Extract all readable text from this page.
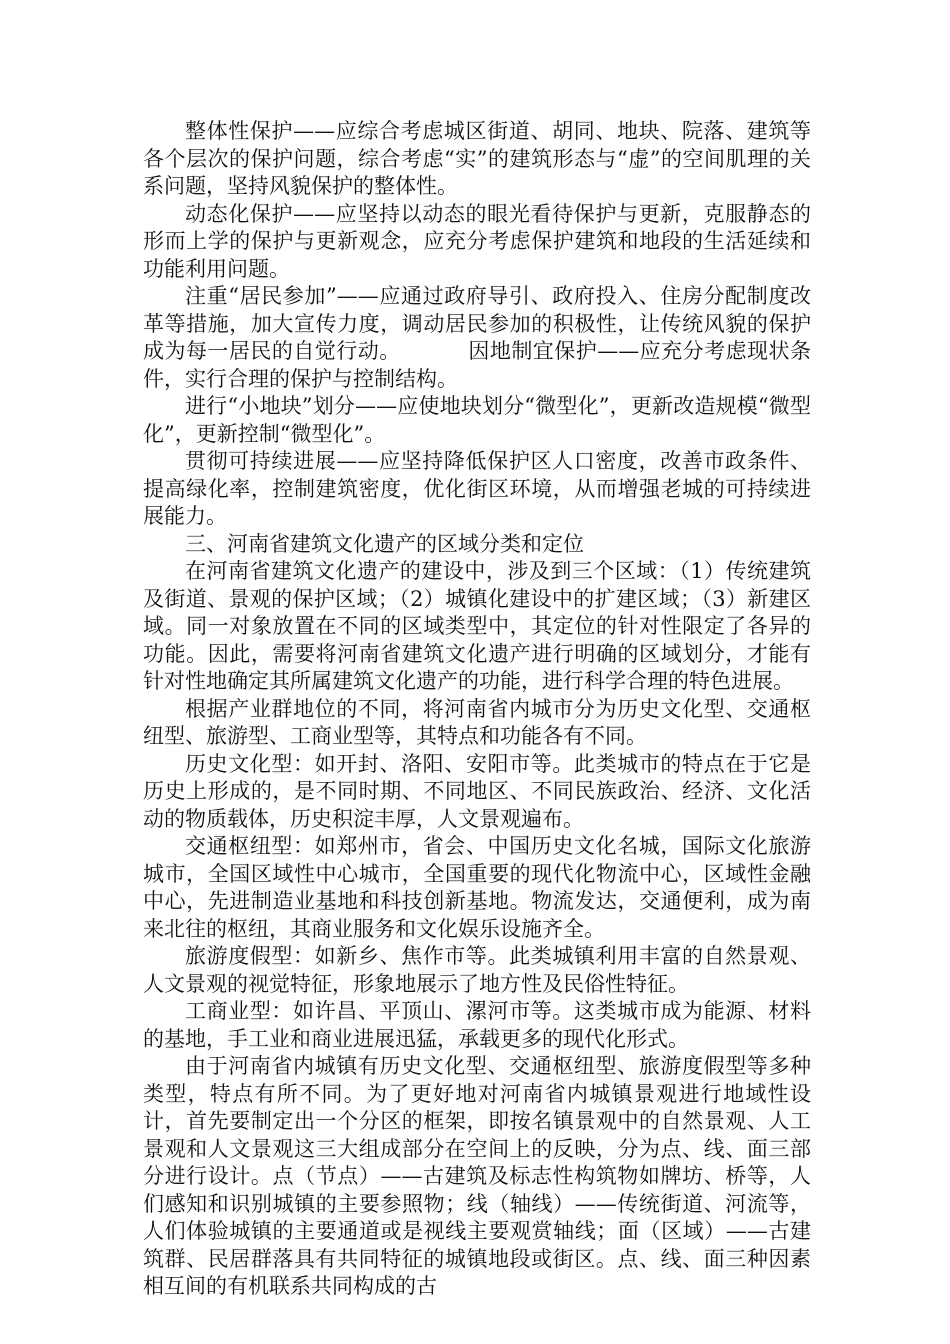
整体性保护——应综合考虑城区街道、胡同、地块、院落、建筑等各个层次的保护问题，综合考虑“实”的建筑形态与“虚”的空间肌理的关系问题，坚持风貌保护的整体性。

动态化保护——应坚持以动态的眼光看待保护与更新，克服静态的形而上学的保护与更新观念，应充分考虑保护建筑和地段的生活延续和功能利用问题。

注重“居民参加”——应通过政府导引、政府投入、住房分配制度改革等措施，加大宣传力度，调动居民参加的积极性，让传统风貌的保护成为每一居民的自觉行动。	因地制宜保护——应充分考虑现状条件，实行合理的保护与控制结构。

进行“小地块”划分——应使地块划分“微型化”，更新改造规模“微型化”，更新控制“微型化”。

贯彻可持续进展——应坚持降低保护区人口密度，改善市政条件、提高绿化率，控制建筑密度，优化街区环境，从而增强老城的可持续进展能力。

三、河南省建筑文化遗产的区域分类和定位

在河南省建筑文化遗产的建设中，涉及到三个区域：（1）传统建筑及街道、景观的保护区域；（2）城镇化建设中的扩建区域；（3）新建区域。同一对象放置在不同的区域类型中，其定位的针对性限定了各异的功能。因此，需要将河南省建筑文化遗产进行明确的区域划分，才能有针对性地确定其所属建筑文化遗产的功能，进行科学合理的特色进展。

根据产业群地位的不同，将河南省内城市分为历史文化型、交通枢纽型、旅游型、工商业型等，其特点和功能各有不同。

历史文化型：如开封、洛阳、安阳市等。此类城市的特点在于它是历史上形成的，是不同时期、不同地区、不同民族政治、经济、文化活动的物质载体，历史积淀丰厚，人文景观遍布。

交通枢纽型：如郑州市，省会、中国历史文化名城，国际文化旅游城市，全国区域性中心城市，全国重要的现代化物流中心，区域性金融中心，先进制造业基地和科技创新基地。物流发达，交通便利，成为南来北往的枢纽，其商业服务和文化娱乐设施齐全。

旅游度假型：如新乡、焦作市等。此类城镇利用丰富的自然景观、人文景观的视觉特征，形象地展示了地方性及民俗性特征。

工商业型：如许昌、平顶山、漯河市等。这类城市成为能源、材料的基地，手工业和商业进展迅猛，承载更多的现代化形式。

由于河南省内城镇有历史文化型、交通枢纽型、旅游度假型等多种类型，特点有所不同。为了更好地对河南省内城镇景观进行地域性设计，首先要制定出一个分区的框架，即按名镇景观中的自然景观、人工景观和人文景观这三大组成部分在空间上的反映，分为点、线、面三部分进行设计。点（节点）——古建筑及标志性构筑物如牌坊、桥等，人们感知和识别城镇的主要参照物；线（轴线）——传统街道、河流等，人们体验城镇的主要通道或是视线主要观赏轴线；面（区域）——古建筑群、民居群落具有共同特征的城镇地段或街区。点、线、面三种因素相互间的有机联系共同构成的古
